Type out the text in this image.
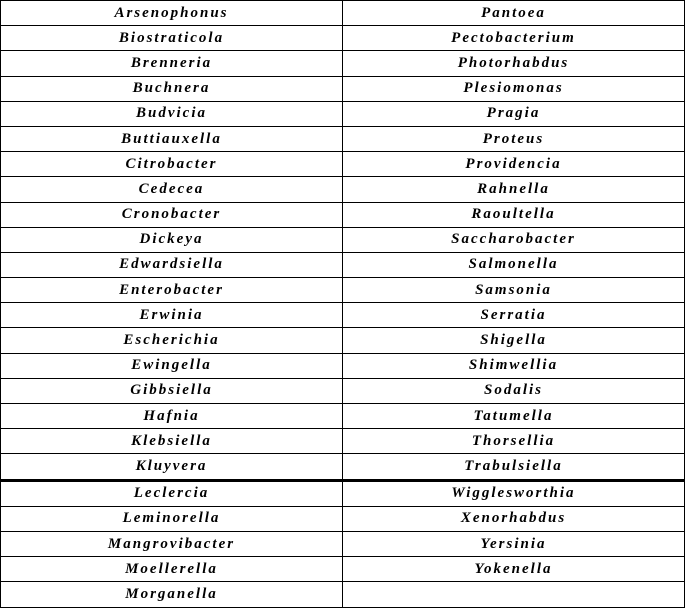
Arsenophonus	Pantoea
Biostraticola	Pectobacterium
Brenneria	Photorhabdus
Buchnera	Plesiomonas
Budvicia	Pragia
Buttiauxella	Proteus
Citrobacter	Providencia
Cedecea	Rahnella
Cronobacter	Raoultella
Dickeya	Saccharobacter
Edwardsiella	Salmonella
Enterobacter	Samsonia
Erwinia	Serratia
Escherichia	Shigella
Ewingella	Shimwellia
Gibbsiella	Sodalis
Hafnia	Tatumella
Klebsiella	Thorsellia
Kluyvera	Trabulsiella
Leclercia	Wigglesworthia
Leminorella	Xenorhabdus
Mangrovibacter	Yersinia
Moellerella	Yokenella
Morganella	
